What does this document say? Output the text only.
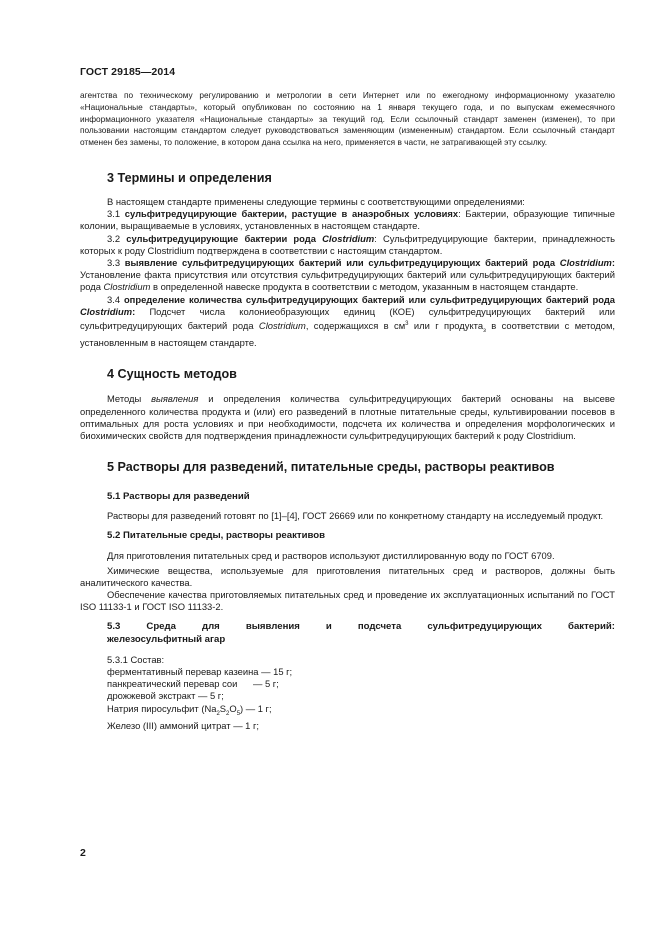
ГОСТ 29185—2014

агентства по техническому регулированию и метрологии в сети Интернет или по ежегодному информационному указателю «Национальные стандарты», который опубликован по состоянию на 1 января текущего года, и по выпускам ежемесячного информационного указателя «Национальные стандарты» за текущий год. Если ссылочный стандарт заменен (изменен), то при пользовании настоящим стандартом следует руководствоваться заменяющим (измененным) стандартом. Если ссылочный стандарт отменен без замены, то положение, в котором дана ссылка на него, применяется в части, не затрагивающей эту ссылку.

3 Термины и определения

В настоящем стандарте применены следующие термины с соответствующими определениями:

3.1 сульфитредуцирующие бактерии, растущие в анаэробных условиях: Бактерии, образующие типичные колонии, выращиваемые в условиях, установленных в настоящем стандарте.

3.2 сульфитредуцирующие бактерии рода Clostridium: Сульфитредуцирующие бактерии, принадлежность которых к роду Clostridium подтверждена в соответствии с настоящим стандартом.

3.3 выявление сульфитредуцирующих бактерий или сульфитредуцирующих бактерий рода Clostridium: Установление факта присутствия или отсутствия сульфитредуцирующих бактерий или сульфитредуцирующих бактерий рода Clostridium в определенной навеске продукта в соответствии с методом, указанным в настоящем стандарте.

3.4 определение количества сульфитредуцирующих бактерий или сульфитредуцирующих бактерий рода Clostridium: Подсчет числа колониеобразующих единиц (КОЕ) сульфитредуцирующих бактерий или сульфитредуцирующих бактерий рода Clostridium, содержащихся в $см^3$ или г продукта$_з$ в соответствии с методом, установленным в настоящем стандарте.

4 Сущность методов

Методы выявления и определения количества сульфитредуцирующих бактерий основаны на высеве определенного количества продукта и (или) его разведений в плотные питательные среды, культивировании посевов в оптимальных для роста условиях и при необходимости, подсчета их количества и определения морфологических и биохимических свойств для подтверждения принадлежности сульфитредуцирующих бактерий к роду Clostridium.

5 Растворы для разведений, питательные среды, растворы реактивов
5.1 Растворы для разведений

Растворы для разведений готовят по [1]–[4], ГОСТ 26669 или по конкретному стандарту на исследуемый продукт.

5.2 Питательные среды, растворы реактивов

Для приготовления питательных сред и растворов используют дистиллированную воду по ГОСТ 6709.

Химические вещества, используемые для приготовления питательных сред и растворов, должны быть аналитического качества.

Обеспечение качества приготовляемых питательных сред и проведение их эксплуатационных испытаний по ГОСТ ISO 11133-1 и ГОСТ ISO 11133-2.

5.3 Среда для выявления и подсчета сульфитредуцирующих бактерий:

железосульфитный агар

5.3.1 Состав:

ферментативный перевар казеина — 15 г;

панкреатический перевар сои      — 5 г;

дрожжевой экстракт — 5 г;

Натрия пиросульфит $(Na_2S_2O_5)$ — 1 г;

Железо (III) аммоний цитрат — 1 г;

2
